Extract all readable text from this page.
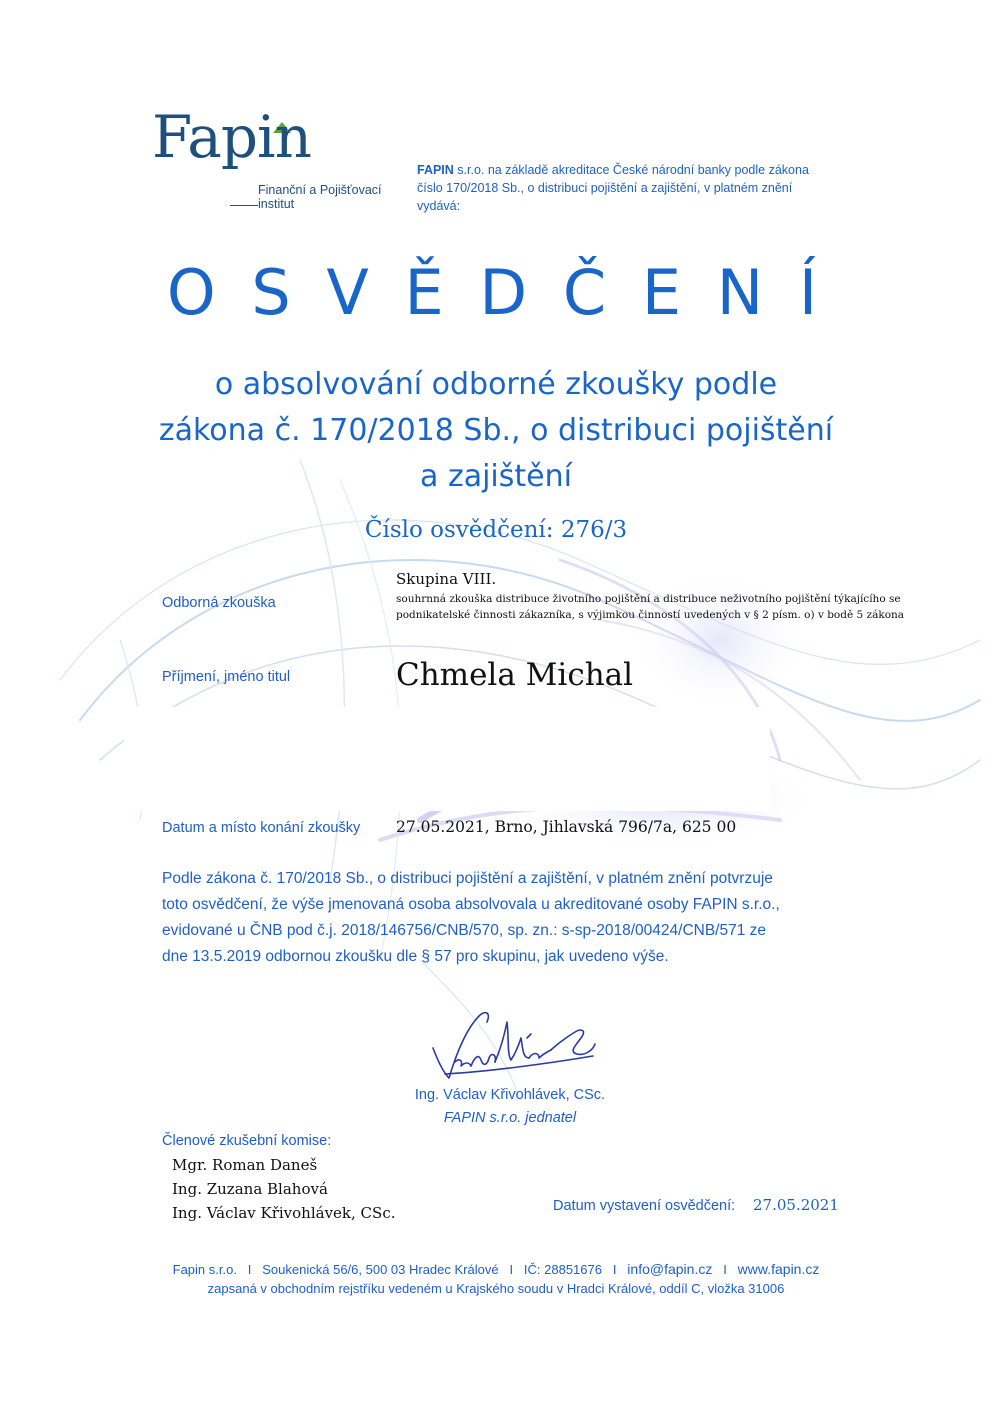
Fapin
Finanční a Pojišťovací
institut
FAPIN s.r.o. na základě akreditace České národní banky podle zákona
číslo 170/2018 Sb., o distribuci pojištění a zajištění, v platném znění
vydává:
O S V Ě D Č E N Í
o absolvování odborné zkoušky podle
zákona č. 170/2018 Sb., o distribuci pojištění
a zajištění
Číslo osvědčení: 276/3
Odborná zkouška
Skupina VIII.
souhrnná zkouška distribuce životního pojištění a distribuce neživotního pojištění týkajícího se
podnikatelské činnosti zákazníka, s výjimkou činností uvedených v § 2 písm. o) v bodě 5 zákona
Příjmení, jméno titul	Chmela Michal
Datum a místo konání zkoušky 27.05.2021, Brno, Jihlavská 796/7a, 625 00
Podle zákona č. 170/2018 Sb., o distribuci pojištění a zajištění, v platném znění potvrzuje
toto osvědčení, že výše jmenovaná osoba absolvovala u akreditované osoby FAPIN s.r.o.,
evidované u ČNB pod č.j. 2018/146756/CNB/570, sp. zn.: s-sp-2018/00424/CNB/571 ze
dne 13.5.2019 odbornou zkoušku dle § 57 pro skupinu, jak uvedeno výše.
Ing. Václav Křivohlávek, CSc.
FAPIN s.r.o. jednatel
Členové zkušební komise:
Mgr. Roman Daneš
Ing. Zuzana Blahová
Ing. Václav Křivohlávek, CSc.	Datum vystavení osvědčení: 27.05.2021
Fapin s.r.o. I Soukenická 56/6, 500 03 Hradec Králové I IČ: 28851676 I info@fapin.cz I www.fapin.cz
zapsaná v obchodním rejstříku vedeném u Krajského soudu v Hradci Králové, oddíl C, vložka 31006
